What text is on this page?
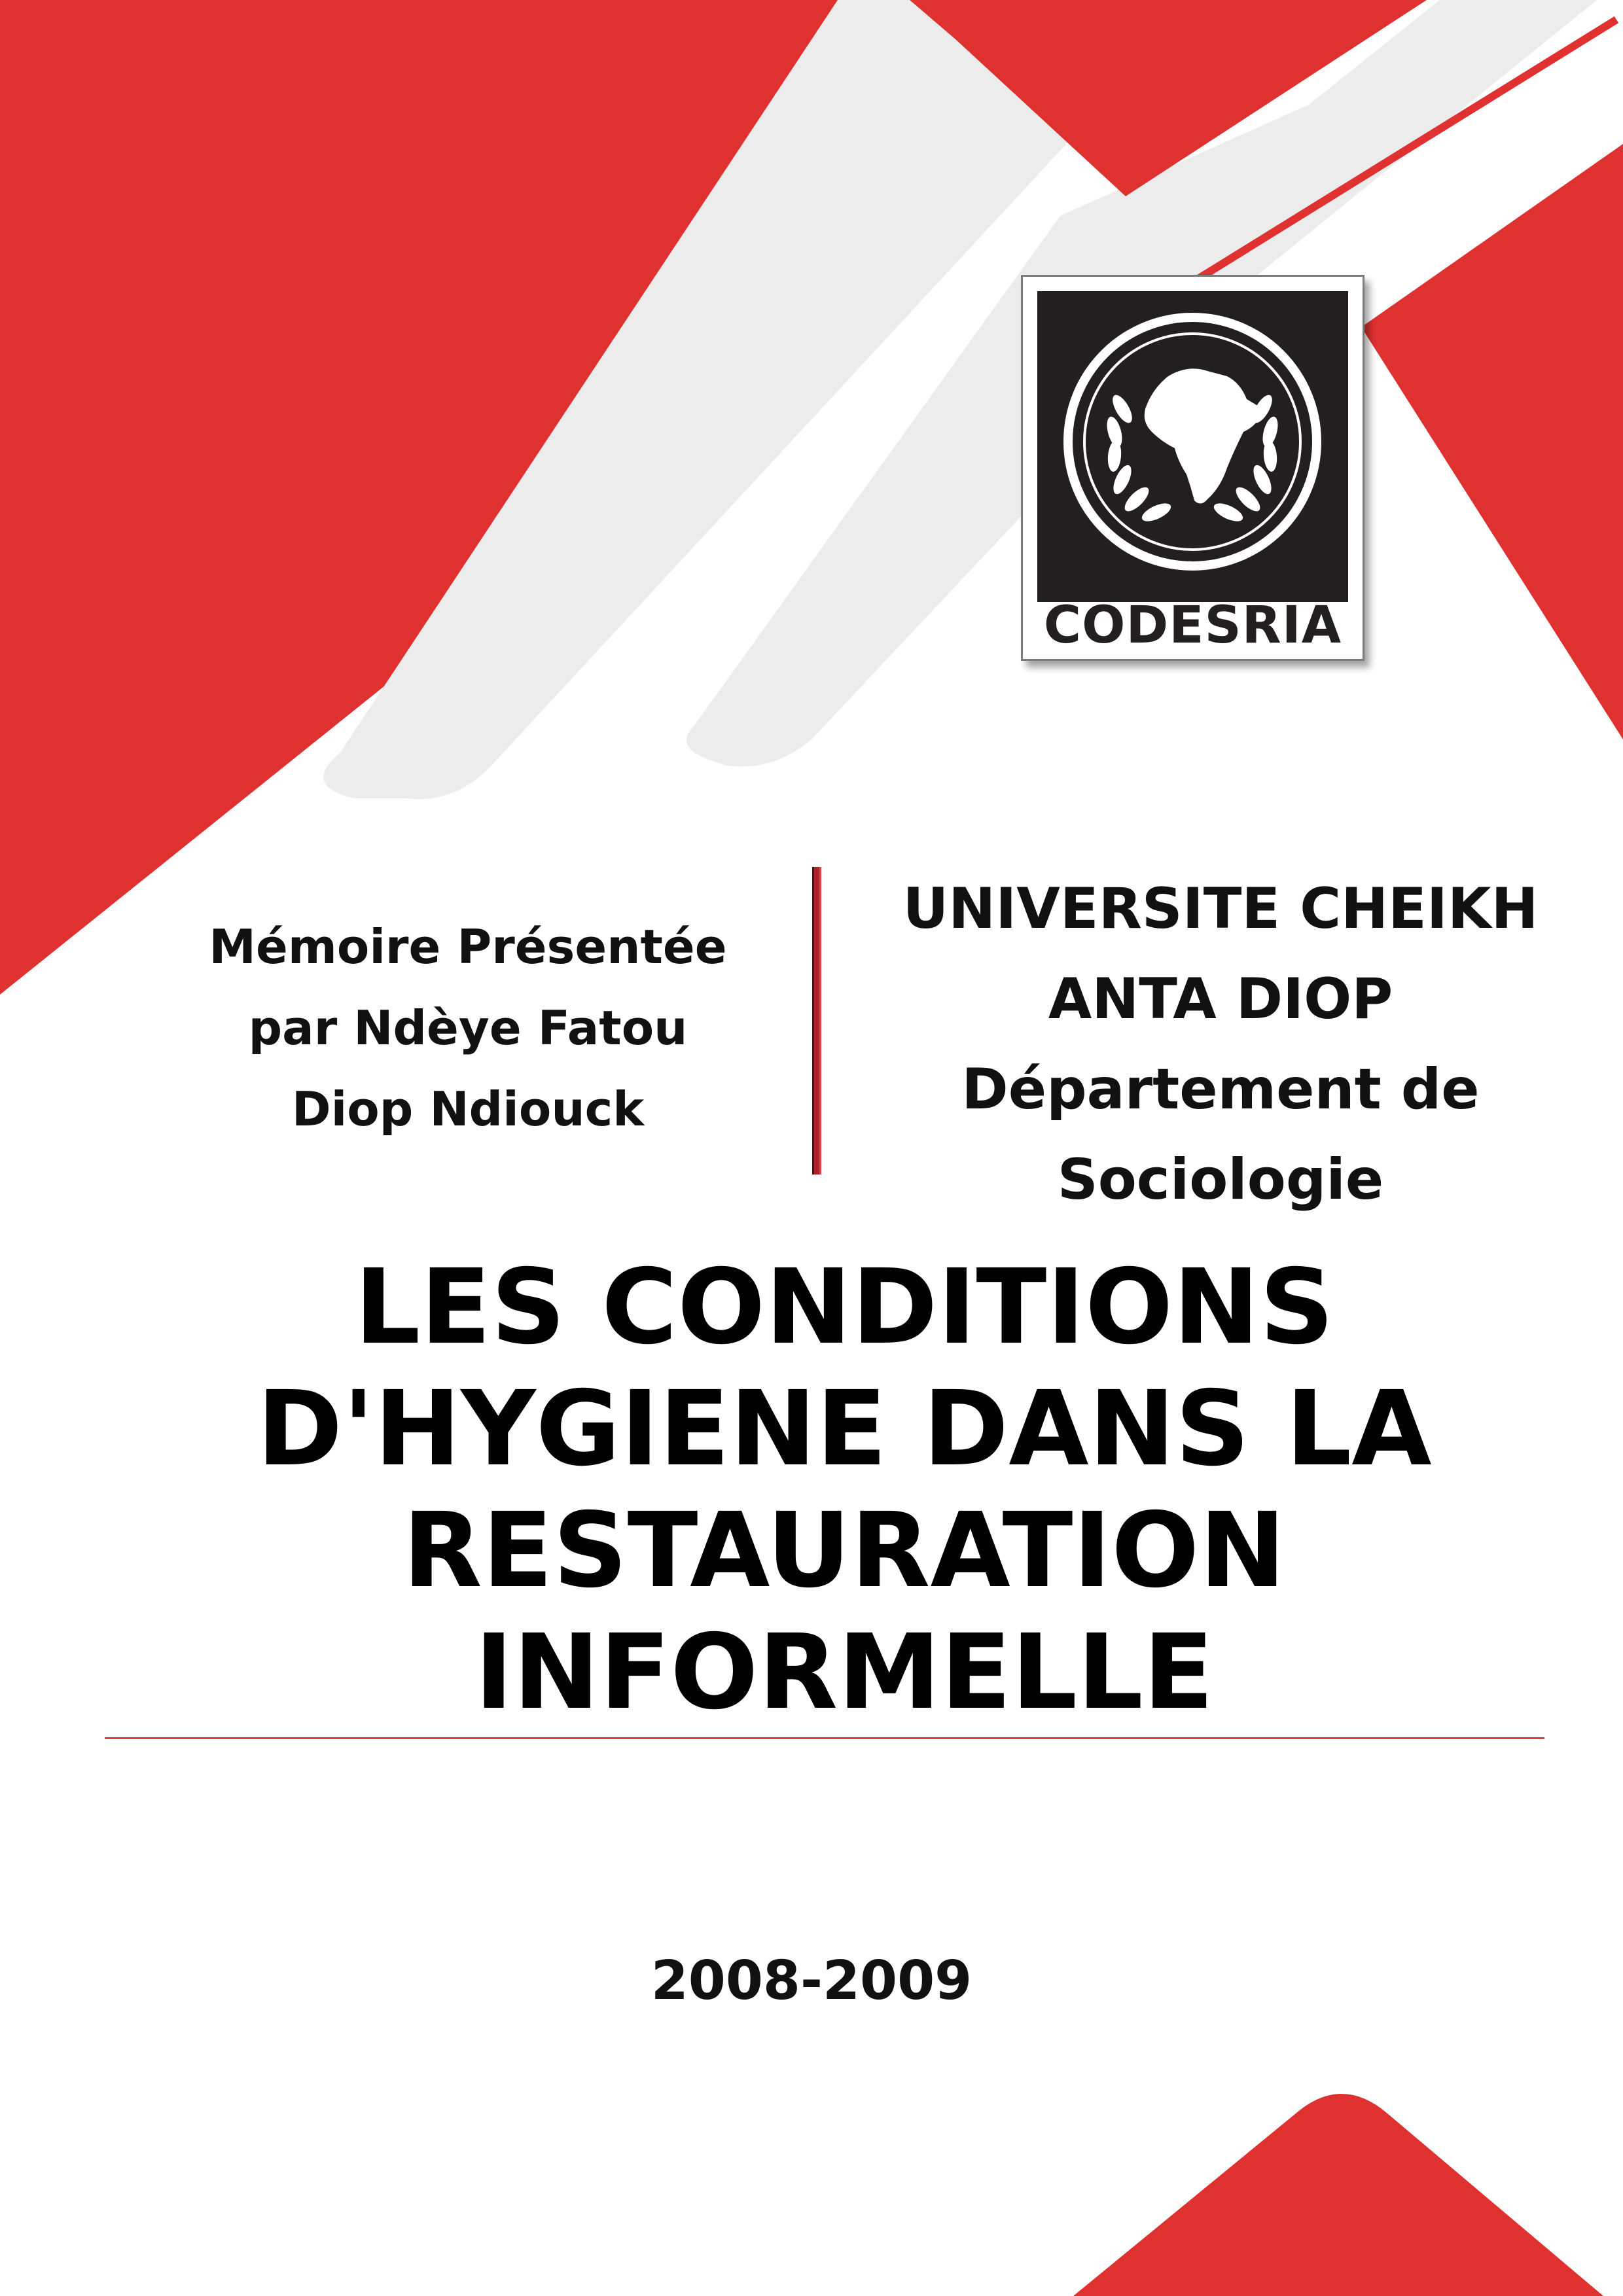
CODESRIA
Mémoire Présentée
par Ndèye Fatou
Diop Ndiouck
UNIVERSITE CHEIKH
ANTA DIOP
Département de
Sociologie
LES CONDITIONS
D'HYGIENE DANS LA
RESTAURATION
INFORMELLE
2008-2009
